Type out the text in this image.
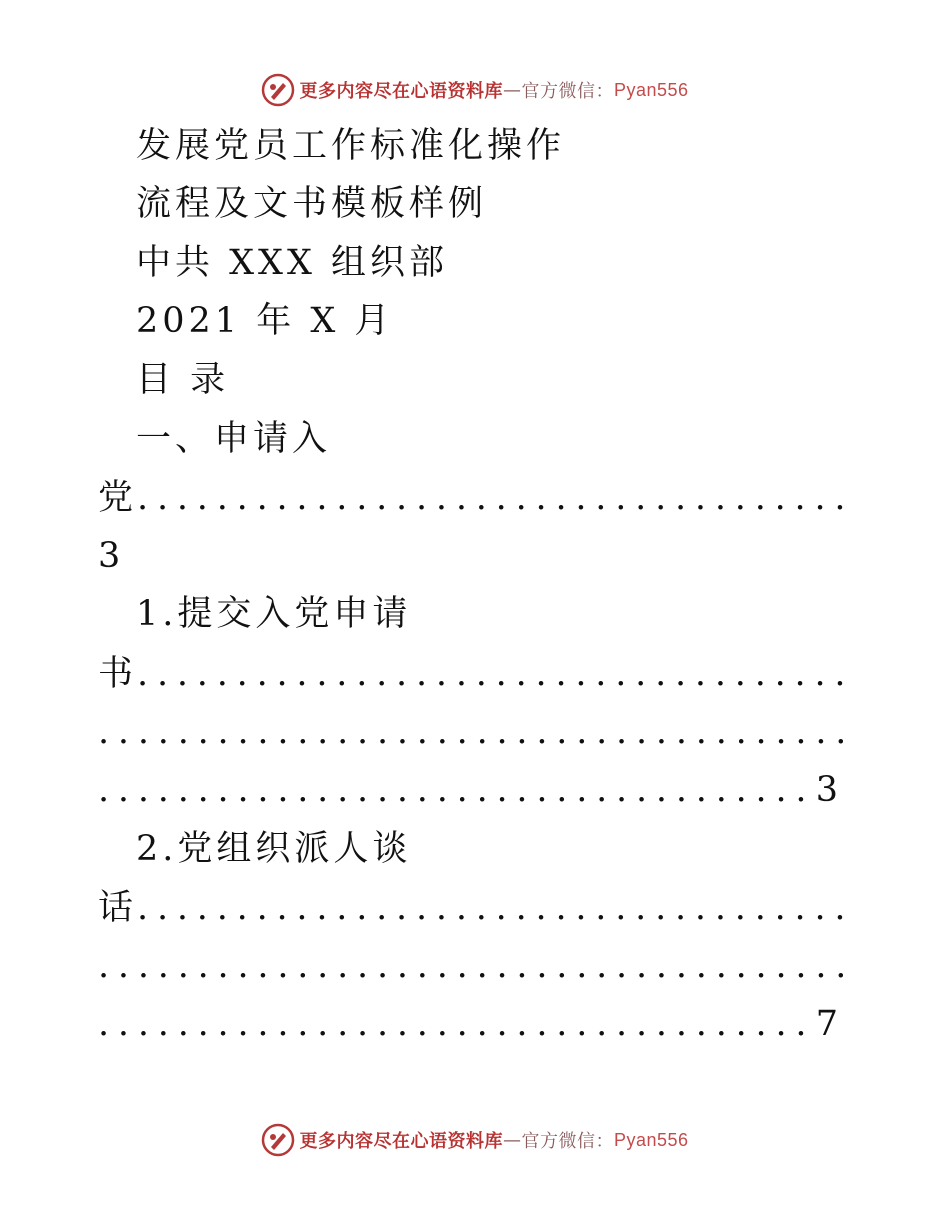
更多内容尽在心语资料库 — 官方微信： Pyan556
发展党员工作标准化操作
流程及文书模板样例
中共 XXX 组织部
2021 年 X 月
目 录
一、申请入
党
.....
3
1.提交入党申请
书
.....
.....
.....
3
2.党组织派人谈
话
.....
.....
.....
7
更多内容尽在心语资料库 — 官方微信： Pyan556
